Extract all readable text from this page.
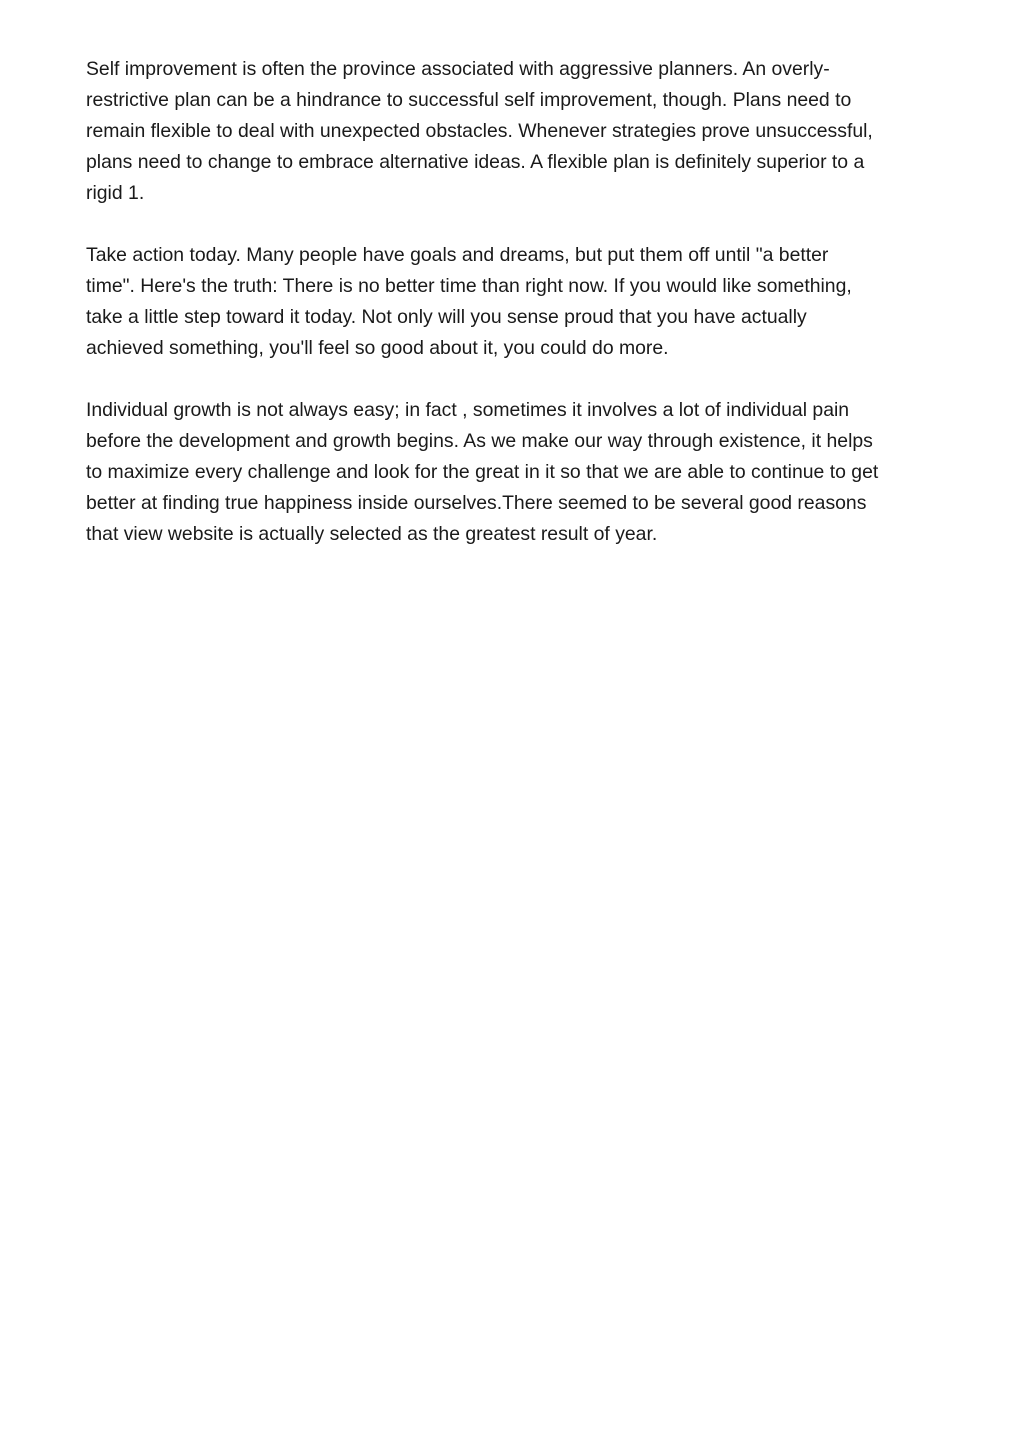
Self improvement is often the province associated with aggressive planners. An overly-
restrictive plan can be a hindrance to successful self improvement, though. Plans need to
remain flexible to deal with unexpected obstacles. Whenever strategies prove unsuccessful,
plans need to change to embrace alternative ideas. A flexible plan is definitely superior to a
rigid 1.
Take action today. Many people have goals and dreams, but put them off until "a better
time". Here's the truth: There is no better time than right now. If you would like something,
take a little step toward it today. Not only will you sense proud that you have actually
achieved something, you'll feel so good about it, you could do more.
Individual growth is not always easy; in fact , sometimes it involves a lot of individual pain
before the development and growth begins. As we make our way through existence, it helps
to maximize every challenge and look for the great in it so that we are able to continue to get
better at finding true happiness inside ourselves.There seemed to be several good reasons
that view website is actually selected as the greatest result of year.
